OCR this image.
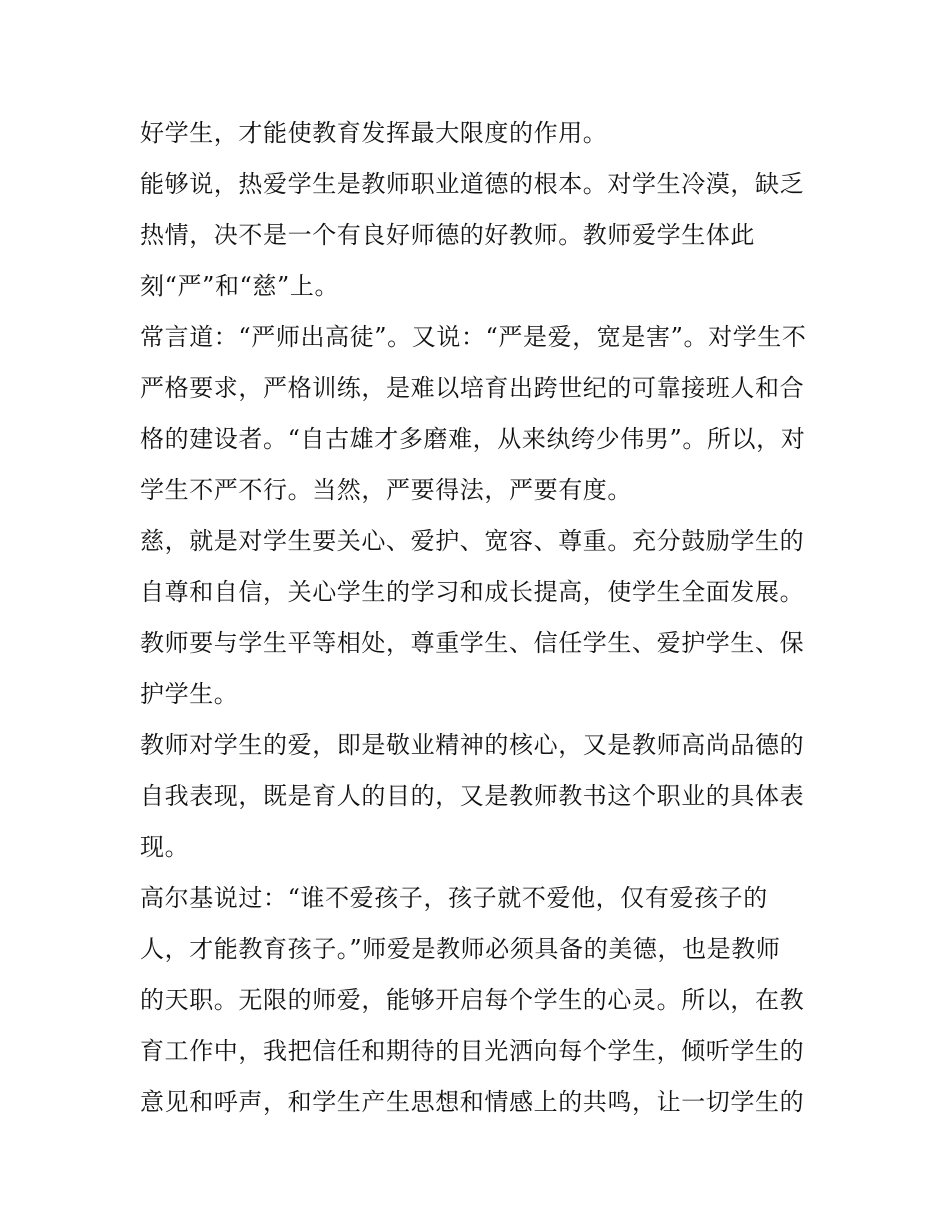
好学生，才能使教育发挥最大限度的作用。
能够说，热爱学生是教师职业道德的根本。对学生冷漠，缺乏
热情，决不是一个有良好师德的好教师。教师爱学生体此
刻“严”和“慈”上。
常言道：“严师出高徒”。又说：“严是爱，宽是害”。对学生不
严格要求，严格训练，是难以培育出跨世纪的可靠接班人和合
格的建设者。“自古雄才多磨难，从来纨绔少伟男”。所以，对
学生不严不行。当然，严要得法，严要有度。
慈，就是对学生要关心、爱护、宽容、尊重。充分鼓励学生的
自尊和自信，关心学生的学习和成长提高，使学生全面发展。
教师要与学生平等相处，尊重学生、信任学生、爱护学生、保
护学生。
教师对学生的爱，即是敬业精神的核心，又是教师高尚品德的
自我表现，既是育人的目的，又是教师教书这个职业的具体表
现。
高尔基说过：“谁不爱孩子，孩子就不爱他，仅有爱孩子的
人，才能教育孩子。”师爱是教师必须具备的美德，也是教师
的天职。无限的师爱，能够开启每个学生的心灵。所以，在教
育工作中，我把信任和期待的目光洒向每个学生，倾听学生的
意见和呼声，和学生产生思想和情感上的共鸣，让一切学生的
